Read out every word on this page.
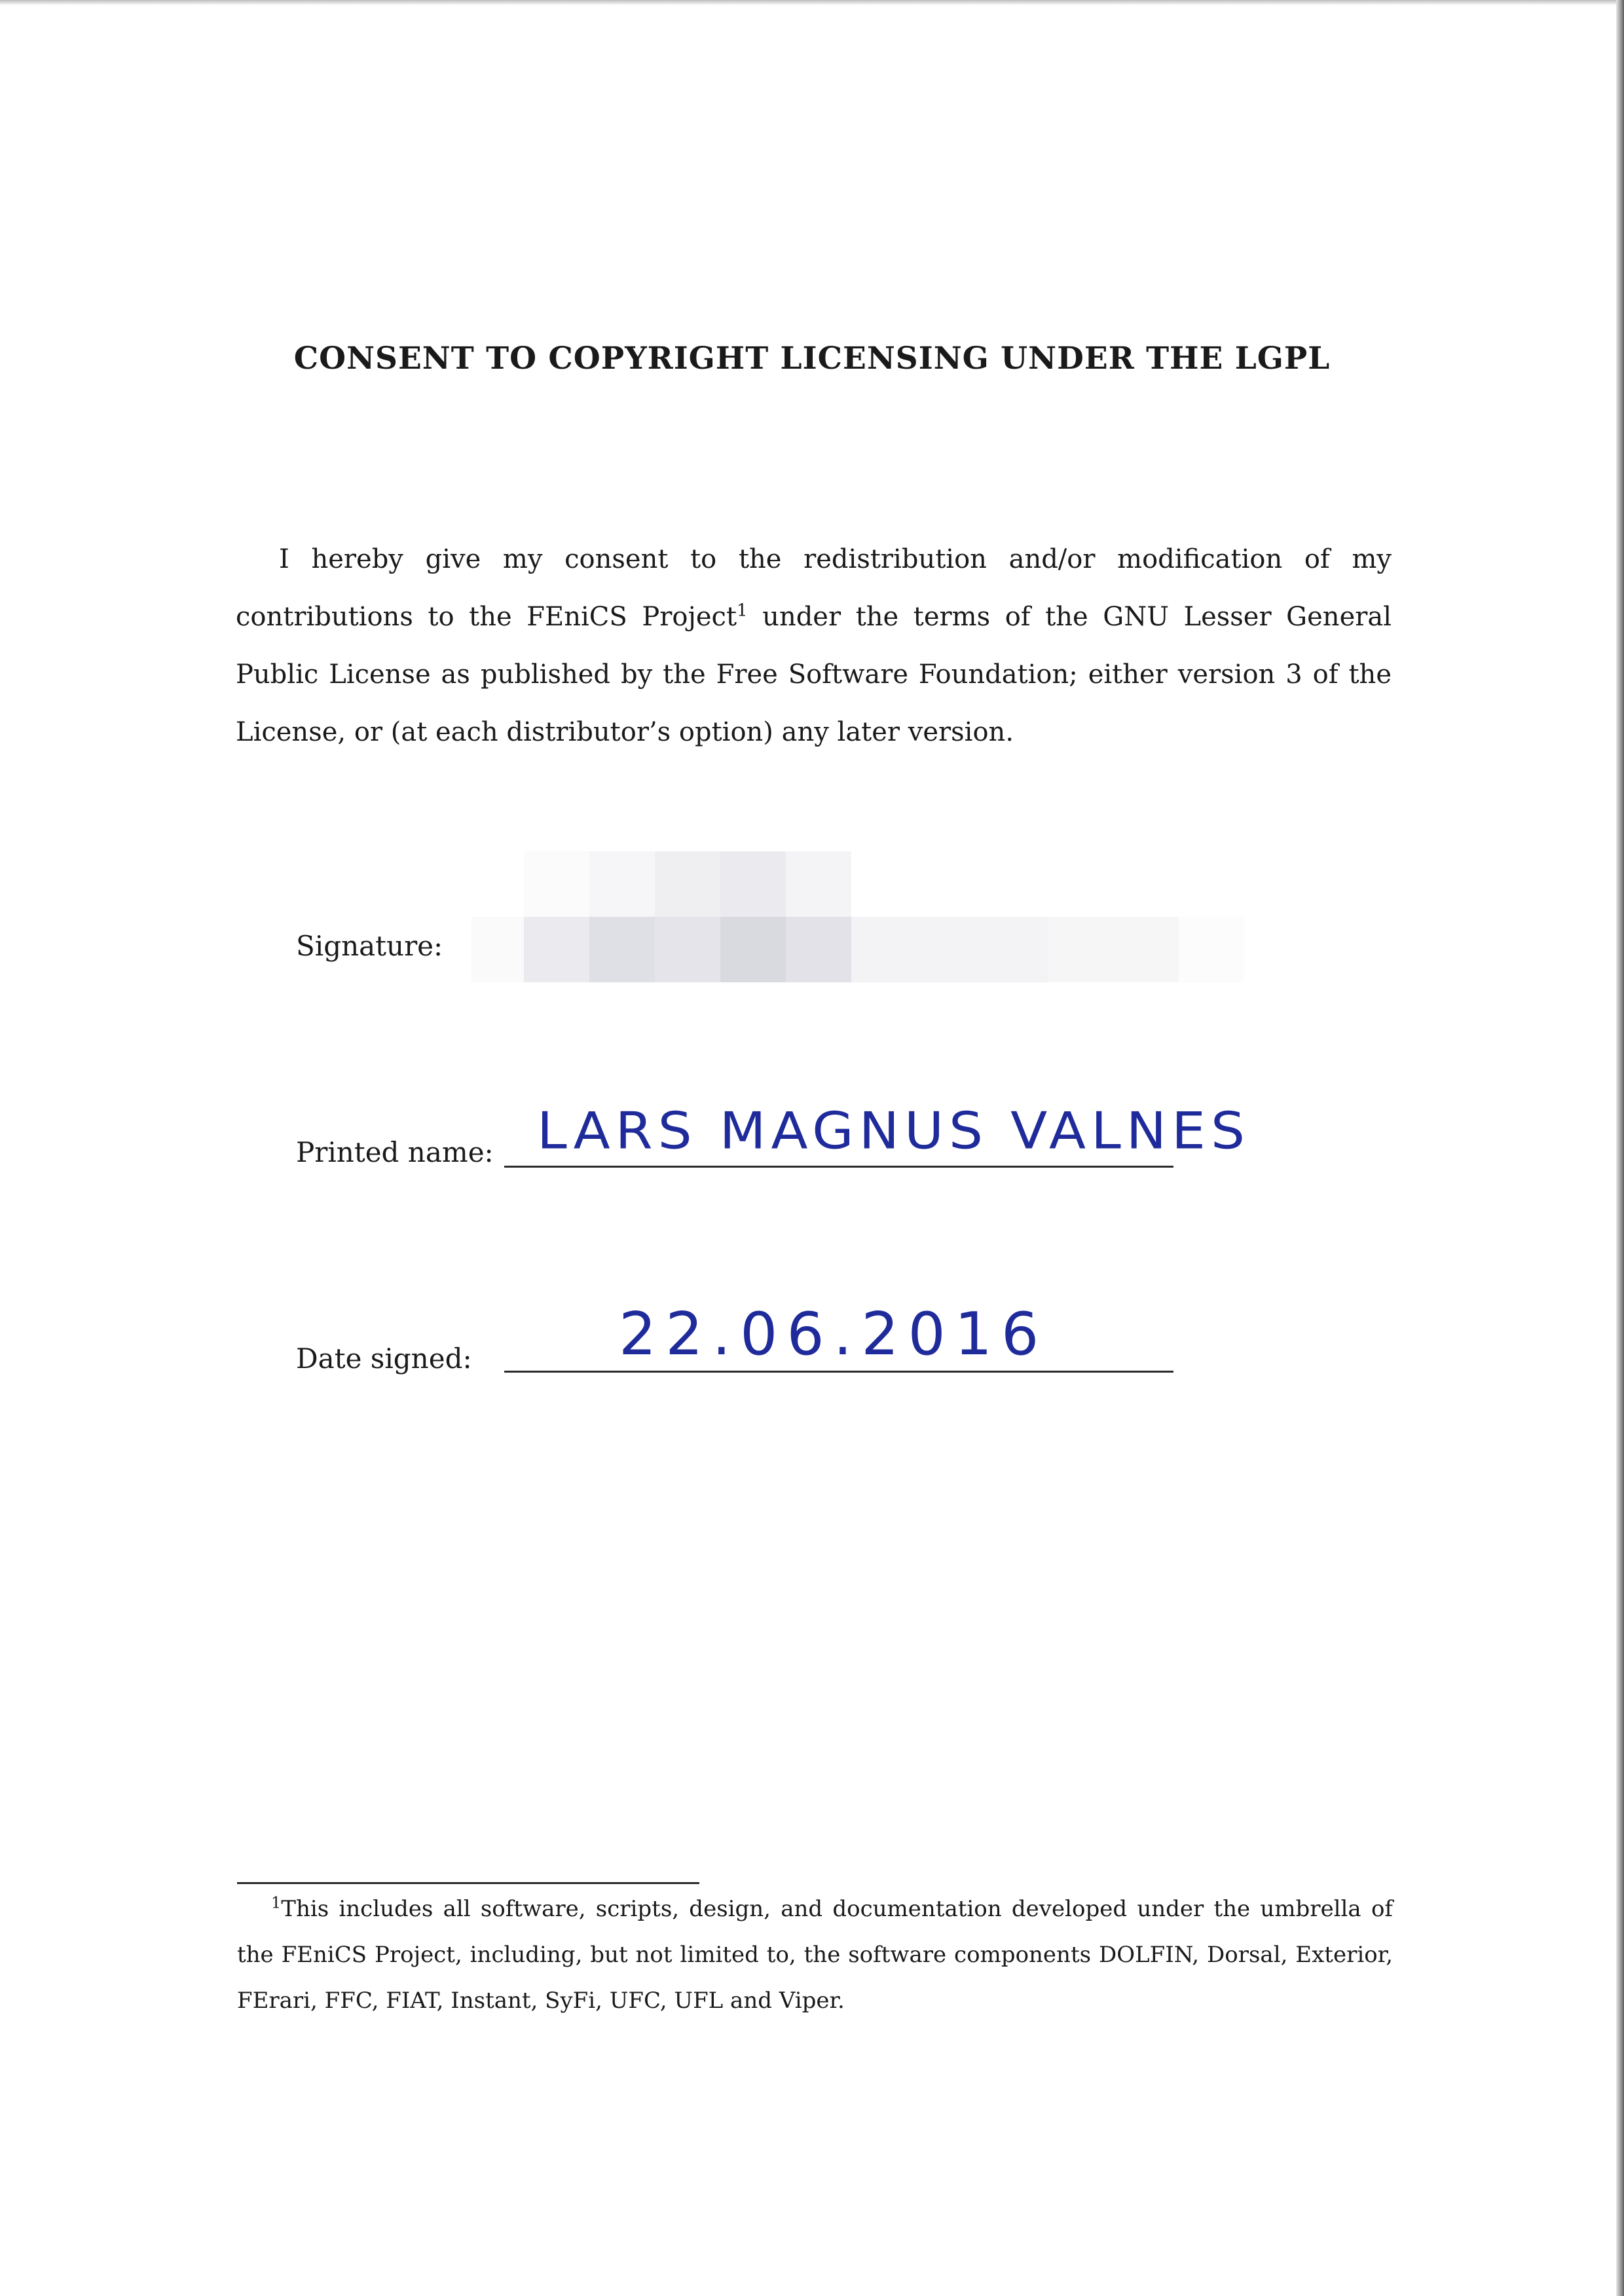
CONSENT TO COPYRIGHT LICENSING UNDER THE LGPL
I hereby give my consent to the redistribution and/or modification of my contributions to the FEniCS Project$^1$ under the terms of the GNU Lesser General Public License as published by the Free Software Foundation; either version 3 of the License, or (at each distributor’s option) any later version.
Signature:
Printed name: LARS MAGNUS VALNES
Date signed: 22.06.2016
$^1$This includes all software, scripts, design, and documentation developed under the umbrella of the FEniCS Project, including, but not limited to, the software components DOLFIN, Dorsal, Exterior, FErari, FFC, FIAT, Instant, SyFi, UFC, UFL and Viper.
